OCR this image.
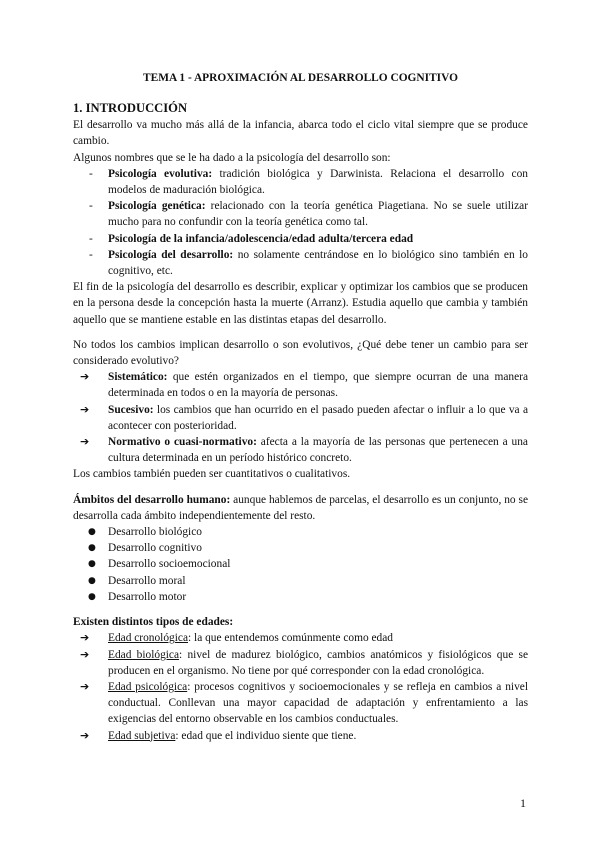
TEMA 1 - APROXIMACIÓN AL DESARROLLO COGNITIVO
1. INTRODUCCIÓN

El desarrollo va mucho más allá de la infancia, abarca todo el ciclo vital siempre que se produce cambio.

Algunos nombres que se le ha dado a la psicología del desarrollo son:

- Psicología evolutiva: tradición biológica y Darwinista. Relaciona el desarrollo con modelos de maduración biológica.
- Psicología genética: relacionado con la teoría genética Piagetiana. No se suele utilizar mucho para no confundir con la teoría genética como tal.
- Psicología de la infancia/adolescencia/edad adulta/tercera edad
- Psicología del desarrollo: no solamente centrándose en lo biológico sino también en lo cognitivo, etc.

El fin de la psicología del desarrollo es describir, explicar y optimizar los cambios que se producen en la persona desde la concepción hasta la muerte (Arranz). Estudia aquello que cambia y también aquello que se mantiene estable en las distintas etapas del desarrollo.

No todos los cambios implican desarrollo o son evolutivos, ¿Qué debe tener un cambio para ser considerado evolutivo?

➔ Sistemático: que estén organizados en el tiempo, que siempre ocurran de una manera determinada en todos o en la mayoría de personas.
➔ Sucesivo: los cambios que han ocurrido en el pasado pueden afectar o influir a lo que va a acontecer con posterioridad.
➔ Normativo o cuasi-normativo: afecta a la mayoría de las personas que pertenecen a una cultura determinada en un período histórico concreto.

Los cambios también pueden ser cuantitativos o cualitativos.

Ámbitos del desarrollo humano: aunque hablemos de parcelas, el desarrollo es un conjunto, no se desarrolla cada ámbito independientemente del resto.

● Desarrollo biológico
● Desarrollo cognitivo
● Desarrollo socioemocional
● Desarrollo moral
● Desarrollo motor

Existen distintos tipos de edades:

➔ Edad cronológica: la que entendemos comúnmente como edad
➔ Edad biológica: nivel de madurez biológico, cambios anatómicos y fisiológicos que se producen en el organismo. No tiene por qué corresponder con la edad cronológica.
➔ Edad psicológica: procesos cognitivos y socioemocionales y se refleja en cambios a nivel conductual. Conllevan una mayor capacidad de adaptación y enfrentamiento a las exigencias del entorno observable en los cambios conductuales.
➔ Edad subjetiva: edad que el individuo siente que tiene.
1
